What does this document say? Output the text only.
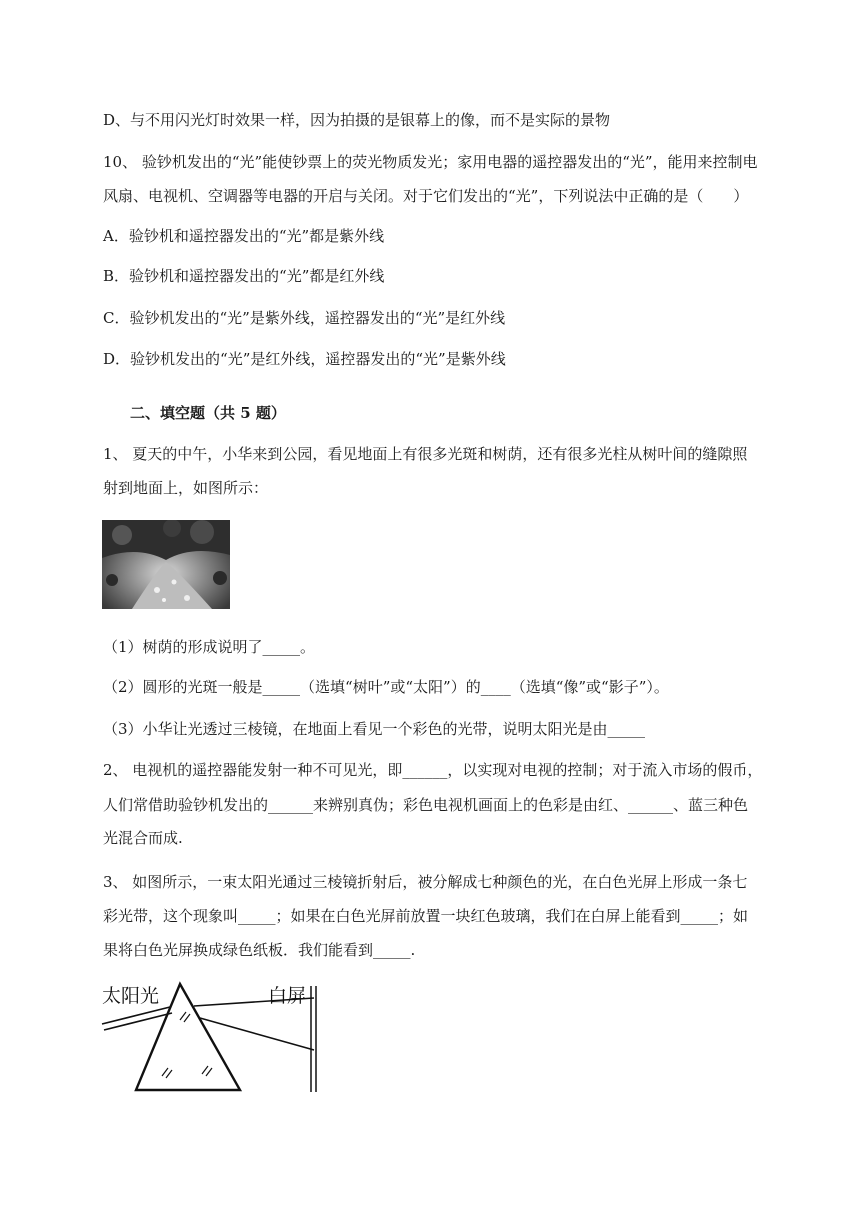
D、与不用闪光灯时效果一样，因为拍摄的是银幕上的像，而不是实际的景物
10、 验钞机发出的“光”能使钞票上的荧光物质发光；家用电器的遥控器发出的“光”，能用来控制电
风扇、电视机、空调器等电器的开启与关闭。对于它们发出的“光”，下列说法中正确的是（　　）
A．验钞机和遥控器发出的“光”都是紫外线
B．验钞机和遥控器发出的“光”都是红外线
C．验钞机发出的“光”是紫外线，遥控器发出的“光”是红外线
D．验钞机发出的“光”是红外线，遥控器发出的“光”是紫外线
二、填空题（共 5 题）
1、 夏天的中午，小华来到公园，看见地面上有很多光斑和树荫，还有很多光柱从树叶间的缝隙照
射到地面上，如图所示：
（1）树荫的形成说明了_____。
（2）圆形的光斑一般是_____（选填“树叶”或“太阳”）的____（选填“像”或“影子”）。
（3）小华让光透过三棱镜，在地面上看见一个彩色的光带，说明太阳光是由_____
2、 电视机的遥控器能发射一种不可见光，即______，以实现对电视的控制；对于流入市场的假币，
人们常借助验钞机发出的______来辨别真伪；彩色电视机画面上的色彩是由红、______、蓝三种色
光混合而成.
3、 如图所示，一束太阳光通过三棱镜折射后，被分解成七种颜色的光，在白色光屏上形成一条七
彩光带，这个现象叫_____；如果在白色光屏前放置一块红色玻璃，我们在白屏上能看到_____；如
果将白色光屏换成绿色纸板．我们能看到_____.
太阳光	白屏
